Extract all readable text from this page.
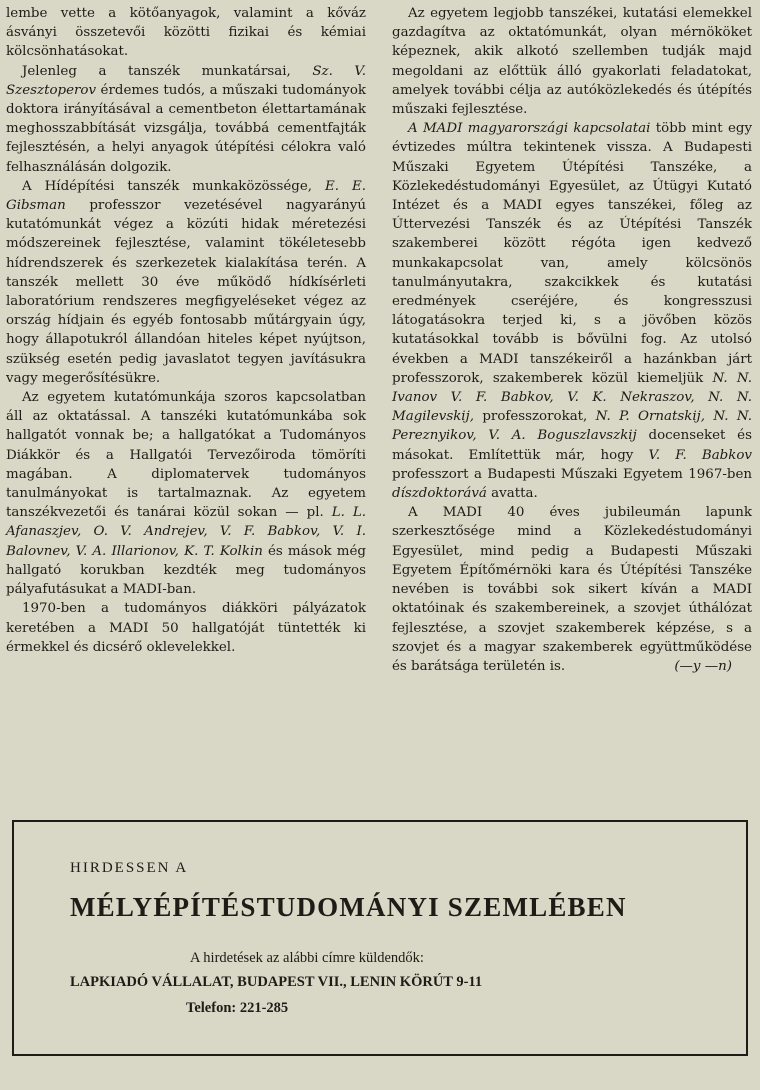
lembe vette a kötőanyagok, valamint a kőváz ásványi összetevői közötti fizikai és kémiai kölcsönhatásokat.

Jelenleg a tanszék munkatársai, Sz. V. Szesztoperov érdemes tudós, a műszaki tudományok doktora irányításával a cementbeton élettartamának meghosszabbítását vizsgálja, továbbá cementfajták fejlesztésén, a helyi anyagok útépítési célokra való felhasználásán dolgozik.

A Hídépítési tanszék munkaközössége, E. E. Gibsman professzor vezetésével nagyarányú kutatómunkát végez a közúti hidak méretezési módszereinek fejlesztése, valamint tökéletesebb hídrendszerek és szerkezetek kialakítása terén. A tanszék mellett 30 éve működő hídkísérleti laboratórium rendszeres megfigyeléseket végez az ország hídjain és egyéb fontosabb műtárgyain úgy, hogy állapotukról állandóan hiteles képet nyújtson, szükség esetén pedig javaslatot tegyen javításukra vagy megerősítésükre.

Az egyetem kutatómunkája szoros kapcsolatban áll az oktatással. A tanszéki kutatómunkába sok hallgatót vonnak be; a hallgatókat a Tudományos Diákkör és a Hallgatói Tervezőiroda tömöríti magában. A diplomatervek tudományos tanulmányokat is tartalmaznak. Az egyetem tanszékvezetői és tanárai közül sokan — pl. L. L. Afanaszjev, O. V. Andrejev, V. F. Babkov, V. I. Balovnev, V. A. Illarionov, K. T. Kolkin és mások még hallgató korukban kezdték meg tudományos pályafutásukat a MADI-ban.

1970-ben a tudományos diákköri pályázatok keretében a MADI 50 hallgatóját tüntették ki érmekkel és dicsérő oklevelekkel.

Az egyetem legjobb tanszékei, kutatási elemekkel gazdagítva az oktatómunkát, olyan mérnököket képeznek, akik alkotó szellemben tudják majd megoldani az előttük álló gyakorlati feladatokat, amelyek további célja az autóközlekedés és útépítés műszaki fejlesztése.

A MADI magyarországi kapcsolatai több mint egy évtizedes múltra tekintenek vissza. A Budapesti Műszaki Egyetem Útépítési Tanszéke, a Közlekedéstudományi Egyesület, az Útügyi Kutató Intézet és a MADI egyes tanszékei, főleg az Úttervezési Tanszék és az Útépítési Tanszék szakemberei között régóta igen kedvező munkakapcsolat van, amely kölcsönös tanulmányutakra, szakcikkek és kutatási eredmények cseréjére, és kongresszusi látogatásokra terjed ki, s a jövőben közös kutatásokkal tovább is bővülni fog. Az utolsó években a MADI tanszékeiről a hazánkban járt professzorok, szakemberek közül kiemeljük N. N. Ivanov V. F. Babkov, V. K. Nekraszov, N. N. Magilevskij, professzorokat, N. P. Ornatskij, N. N. Pereznyikov, V. A. Boguszlavszkij docenseket és másokat. Említettük már, hogy V. F. Babkov professzort a Budapesti Műszaki Egyetem 1967-ben díszdoktorává avatta.

A MADI 40 éves jubileumán lapunk szerkesztősége mind a Közlekedéstudományi Egyesület, mind pedig a Budapesti Műszaki Egyetem Építőmérnöki kara és Útépítési Tanszéke nevében is további sok sikert kíván a MADI oktatóinak és szakembereinek, a szovjet úthálózat fejlesztése, a szovjet szakemberek képzése, s a szovjet és a magyar szakemberek együttműködése és barátsága területén is.	(—y —n)

HIRDESSEN A
MÉLYÉPÍTÉSTUDOMÁNYI SZEMLÉBEN
A hirdetések az alábbi címre küldendők:
LAPKIADÓ VÁLLALAT, BUDAPEST VII., LENIN KÖRÚT 9-11
Telefon: 221-285
